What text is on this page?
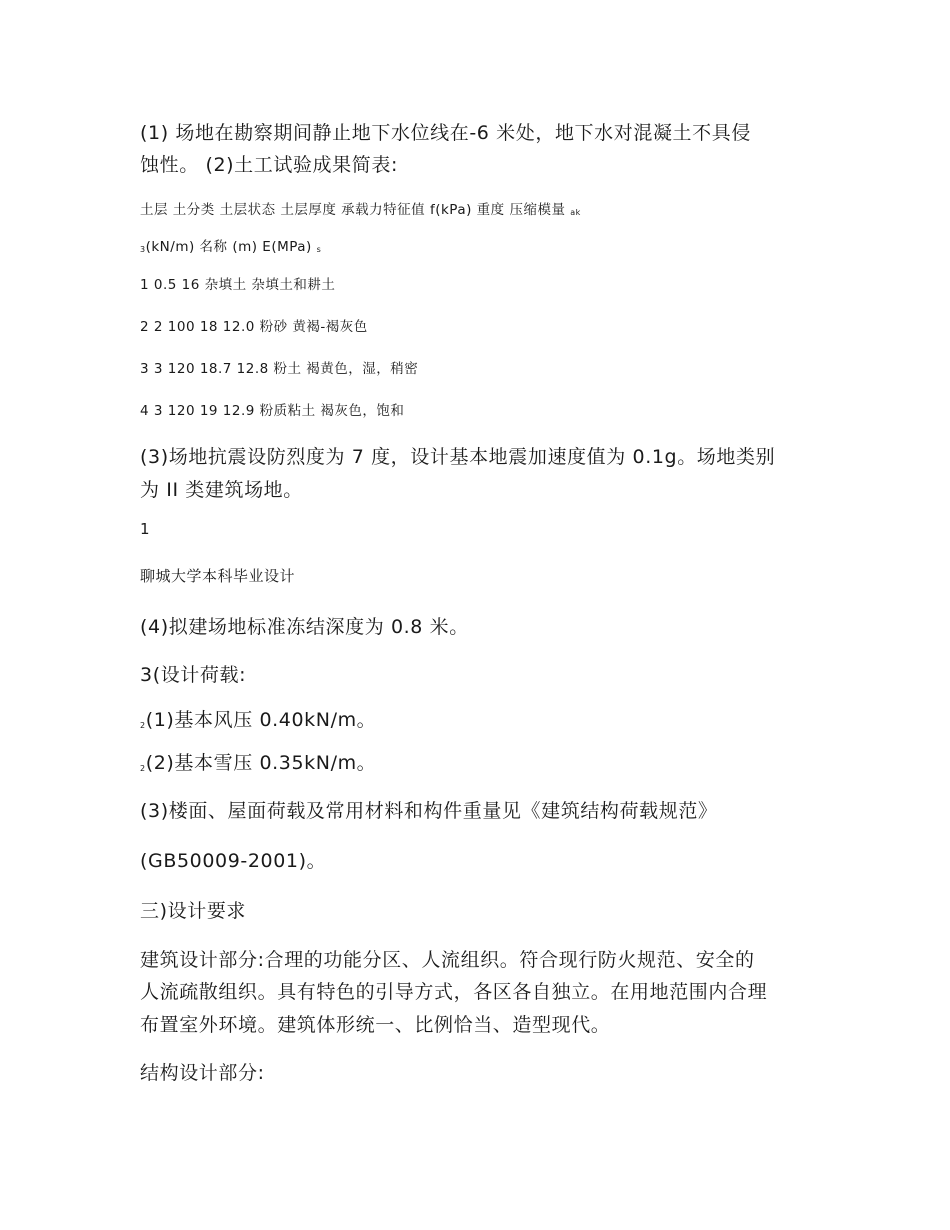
(1) 场地在勘察期间静止地下水位线在-6 米处，地下水对混凝土不具侵
蚀性。 (2)土工试验成果简表:
土层 土分类 土层状态 土层厚度 承载力特征值 f(kPa) 重度 压缩模量 ak
3(kN/m) 名称 (m) E(MPa) s
1 0.5 16 杂填土 杂填土和耕土
2 2 100 18 12.0 粉砂 黄褐-褐灰色
3 3 120 18.7 12.8 粉土 褐黄色，湿，稍密
4 3 120 19 12.9 粉质粘土 褐灰色，饱和
(3)场地抗震设防烈度为 7 度，设计基本地震加速度值为 0.1g。场地类别
为 II 类建筑场地。
1
聊城大学本科毕业设计
(4)拟建场地标准冻结深度为 0.8 米。
3(设计荷载:
$_2$(1)基本风压 0.40kN/m。
$_2$(2)基本雪压 0.35kN/m。
(3)楼面、屋面荷载及常用材料和构件重量见《建筑结构荷载规范》
(GB50009-2001)。
三)设计要求
建筑设计部分:合理的功能分区、人流组织。符合现行防火规范、安全的
人流疏散组织。具有特色的引导方式，各区各自独立。在用地范围内合理
布置室外环境。建筑体形统一、比例恰当、造型现代。
结构设计部分:
